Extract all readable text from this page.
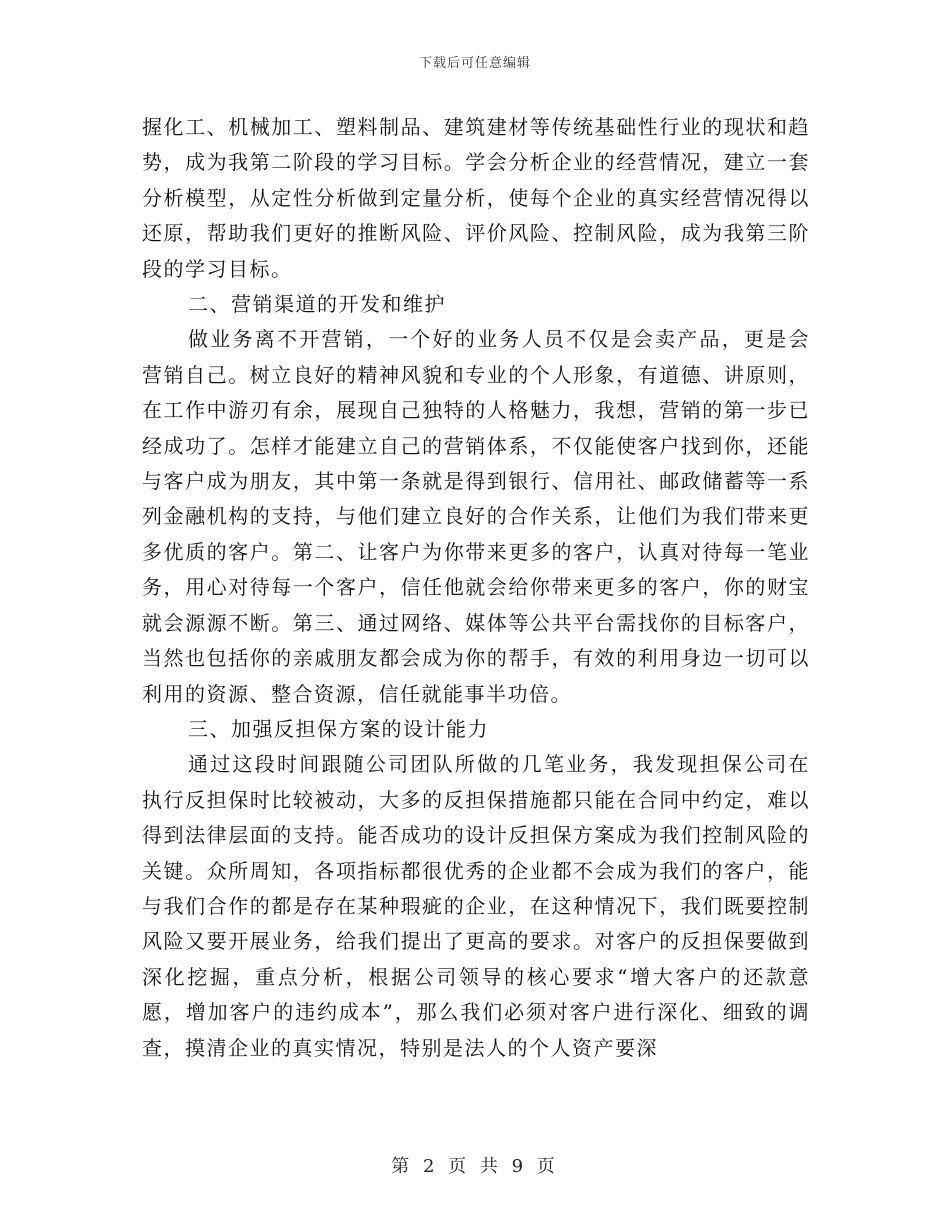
下载后可任意编辑

握化工、机械加工、塑料制品、建筑建材等传统基础性行业的现状和趋势，成为我第二阶段的学习目标。学会分析企业的经营情况，建立一套分析模型，从定性分析做到定量分析，使每个企业的真实经营情况得以还原，帮助我们更好的推断风险、评价风险、控制风险，成为我第三阶段的学习目标。

二、营销渠道的开发和维护

做业务离不开营销，一个好的业务人员不仅是会卖产品，更是会营销自己。树立良好的精神风貌和专业的个人形象，有道德、讲原则，在工作中游刃有余，展现自己独特的人格魅力，我想，营销的第一步已经成功了。怎样才能建立自己的营销体系，不仅能使客户找到你，还能与客户成为朋友，其中第一条就是得到银行、信用社、邮政储蓄等一系列金融机构的支持，与他们建立良好的合作关系，让他们为我们带来更多优质的客户。第二、让客户为你带来更多的客户，认真对待每一笔业务，用心对待每一个客户，信任他就会给你带来更多的客户，你的财宝就会源源不断。第三、通过网络、媒体等公共平台需找你的目标客户，当然也包括你的亲戚朋友都会成为你的帮手，有效的利用身边一切可以利用的资源、整合资源，信任就能事半功倍。

三、加强反担保方案的设计能力

通过这段时间跟随公司团队所做的几笔业务，我发现担保公司在执行反担保时比较被动，大多的反担保措施都只能在合同中约定，难以得到法律层面的支持。能否成功的设计反担保方案成为我们控制风险的关键。众所周知，各项指标都很优秀的企业都不会成为我们的客户，能与我们合作的都是存在某种瑕疵的企业，在这种情况下，我们既要控制风险又要开展业务，给我们提出了更高的要求。对客户的反担保要做到深化挖掘，重点分析，根据公司领导的核心要求“增大客户的还款意愿，增加客户的违约成本”，那么我们必须对客户进行深化、细致的调查，摸清企业的真实情况，特别是法人的个人资产要深

第 2 页 共 9 页
